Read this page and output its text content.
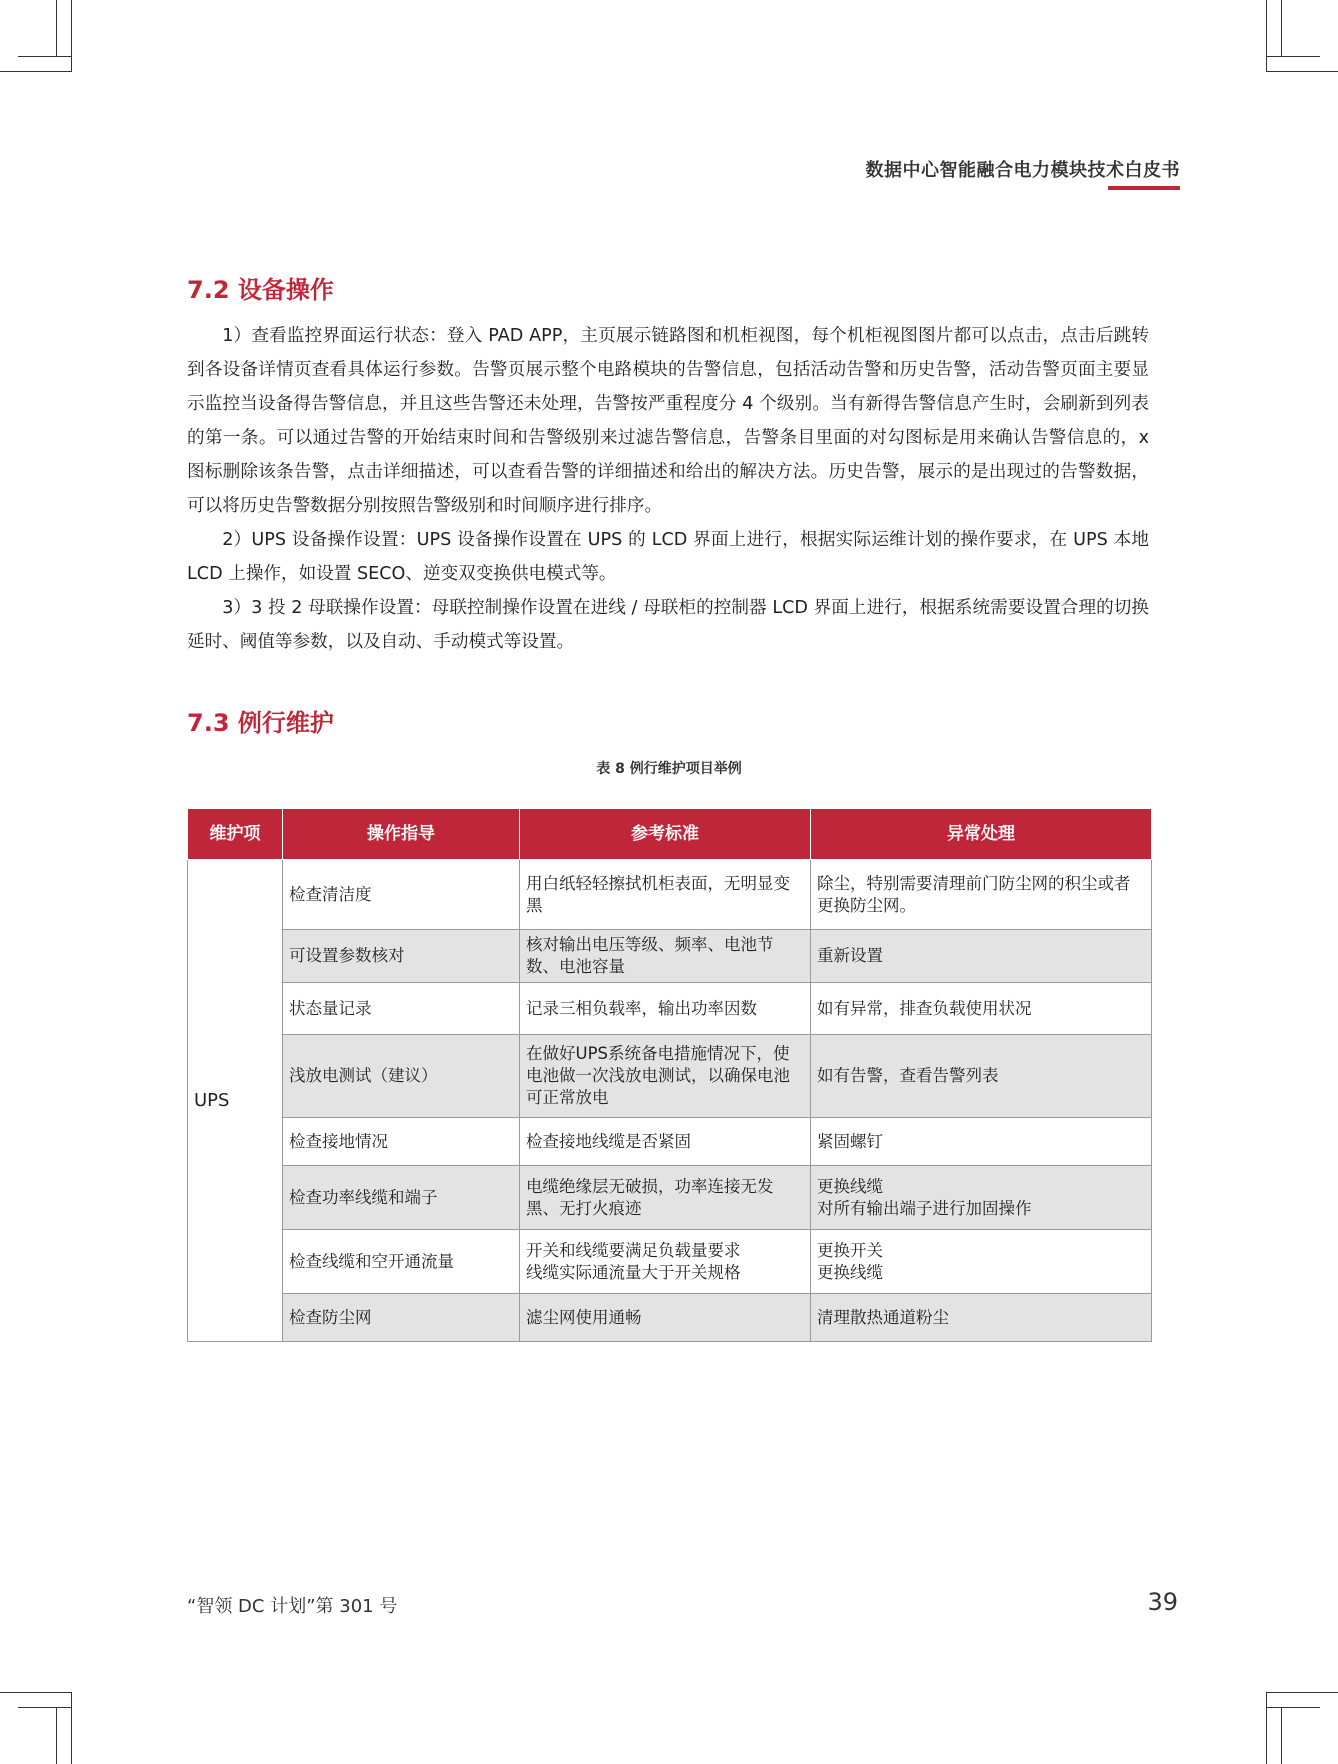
数据中心智能融合电力模块技术白皮书
7.2 设备操作

1）查看监控界面运行状态：登入 PAD APP，主页展示链路图和机柜视图，每个机柜视图图片都可以点击，点击后跳转到各设备详情页查看具体运行参数。告警页展示整个电路模块的告警信息，包括活动告警和历史告警，活动告警页面主要显示监控当设备得告警信息，并且这些告警还未处理，告警按严重程度分 4 个级别。当有新得告警信息产生时，会刷新到列表的第一条。可以通过告警的开始结束时间和告警级别来过滤告警信息，告警条目里面的对勾图标是用来确认告警信息的，x 图标删除该条告警，点击详细描述，可以查看告警的详细描述和给出的解决方法。历史告警，展示的是出现过的告警数据，可以将历史告警数据分别按照告警级别和时间顺序进行排序。

2）UPS 设备操作设置：UPS 设备操作设置在 UPS 的 LCD 界面上进行，根据实际运维计划的操作要求，在 UPS 本地 LCD 上操作，如设置 SECO、逆变双变换供电模式等。

3）3 投 2 母联操作设置：母联控制操作设置在进线 / 母联柜的控制器 LCD 界面上进行，根据系统需要设置合理的切换延时、阈值等参数，以及自动、手动模式等设置。

7.3 例行维护
表 8 例行维护项目举例
维护项	操作指导	参考标准	异常处理
UPS	检查清洁度	用白纸轻轻擦拭机柜表面，无明显变黑	除尘，特别需要清理前门防尘网的积尘或者更换防尘网。
	可设置参数核对	核对输出电压等级、频率、电池节数、电池容量	重新设置
	状态量记录	记录三相负载率，输出功率因数	如有异常，排查负载使用状况
	浅放电测试（建议）	在做好UPS系统备电措施情况下，使电池做一次浅放电测试，以确保电池可正常放电	如有告警，查看告警列表
	检查接地情况	检查接地线缆是否紧固	紧固螺钉
	检查功率线缆和端子	电缆绝缘层无破损，功率连接无发黑、无打火痕迹	更换线缆
对所有输出端子进行加固操作
	检查线缆和空开通流量	开关和线缆要满足负载量要求
线缆实际通流量大于开关规格	更换开关
更换线缆
	检查防尘网	滤尘网使用通畅	清理散热通道粉尘
“智领 DC 计划”第 301 号	39
